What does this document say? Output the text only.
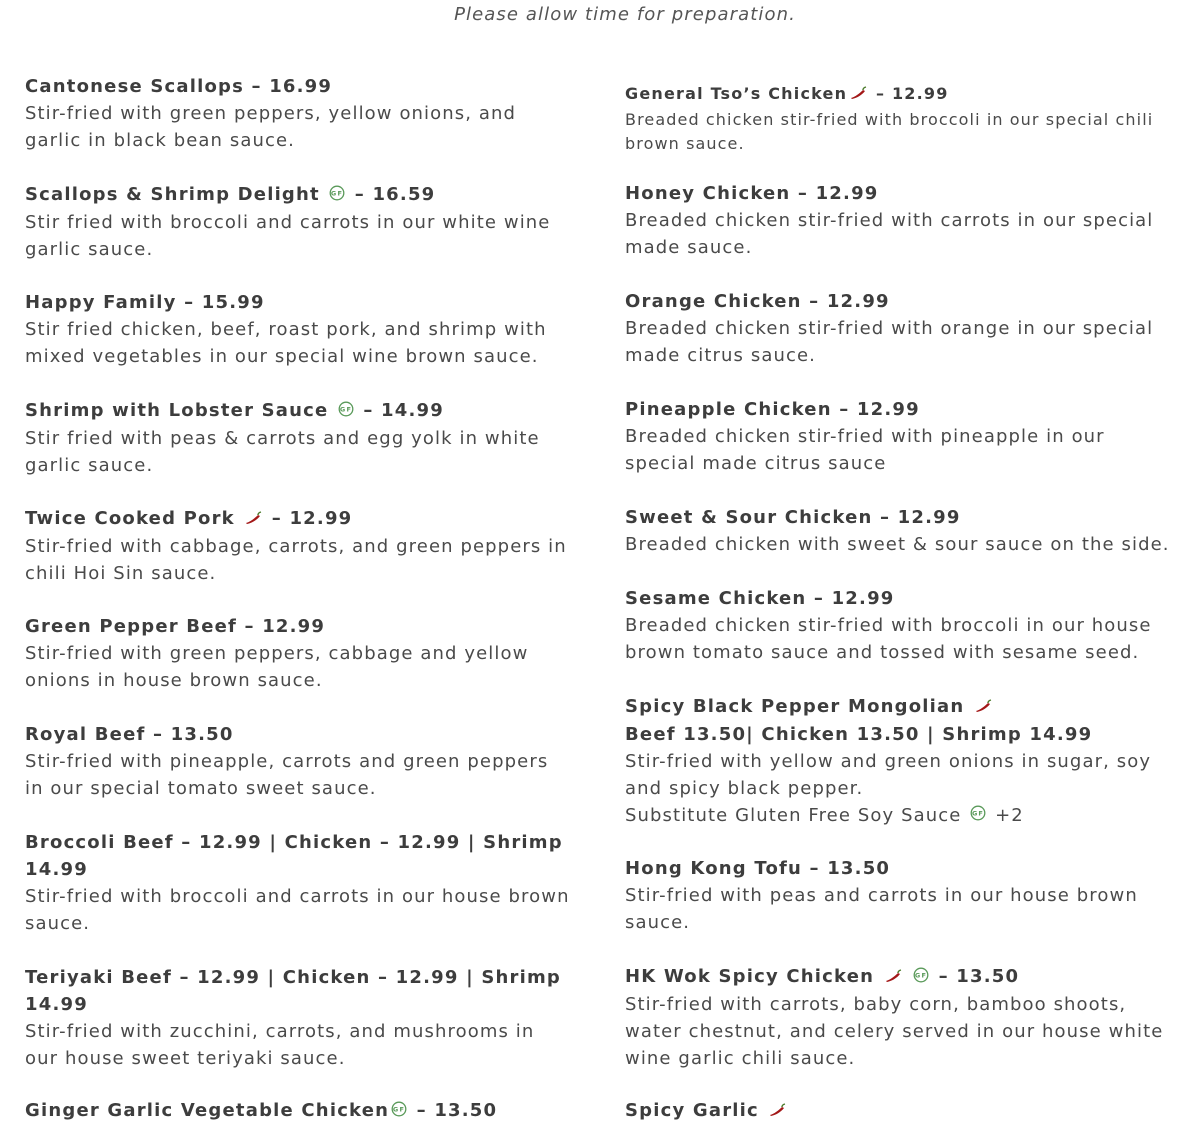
Please allow time for preparation.
Cantonese Scallops – 16.99
Stir-fried with green peppers, yellow onions, and garlic in black bean sauce.
Scallops & Shrimp Delight GF – 16.59
Stir fried with broccoli and carrots in our white wine garlic sauce.
Happy Family – 15.99
Stir fried chicken, beef, roast pork, and shrimp with mixed vegetables in our special wine brown sauce.
Shrimp with Lobster Sauce GF – 14.99
Stir fried with peas & carrots and egg yolk in white garlic sauce.
Twice Cooked Pork  – 12.99
Stir-fried with cabbage, carrots, and green peppers in chili Hoi Sin sauce.
Green Pepper Beef – 12.99
Stir-fried with green peppers, cabbage and yellow onions in house brown sauce.
Royal Beef – 13.50
Stir-fried with pineapple, carrots and green peppers in our special tomato sweet sauce.
Broccoli Beef – 12.99 | Chicken – 12.99 | Shrimp 14.99
Stir-fried with broccoli and carrots in our house brown sauce.
Teriyaki Beef – 12.99 | Chicken – 12.99 | Shrimp 14.99
Stir-fried with zucchini, carrots, and mushrooms in our house sweet teriyaki sauce.
Ginger Garlic Vegetable Chicken GF – 13.50
General Tso’s Chicken – 12.99
Breaded chicken stir-fried with broccoli in our special chili brown sauce.
Honey Chicken – 12.99
Breaded chicken stir-fried with carrots in our special made sauce.
Orange Chicken – 12.99
Breaded chicken stir-fried with orange in our special made citrus sauce.
Pineapple Chicken – 12.99
Breaded chicken stir-fried with pineapple in our special made citrus sauce
Sweet & Sour Chicken – 12.99
Breaded chicken with sweet & sour sauce on the side.
Sesame Chicken – 12.99
Breaded chicken stir-fried with broccoli in our house brown tomato sauce and tossed with sesame seed.
Spicy Black Pepper Mongolian
Beef 13.50| Chicken 13.50 | Shrimp 14.99
Stir-fried with yellow and green onions in sugar, soy and spicy black pepper.
Substitute Gluten Free Soy Sauce GF +2
Hong Kong Tofu – 13.50
Stir-fried with peas and carrots in our house brown sauce.
HK Wok Spicy Chicken	GF – 13.50
Stir-fried with carrots, baby corn, bamboo shoots, water chestnut, and celery served in our house white wine garlic chili sauce.
Spicy Garlic
